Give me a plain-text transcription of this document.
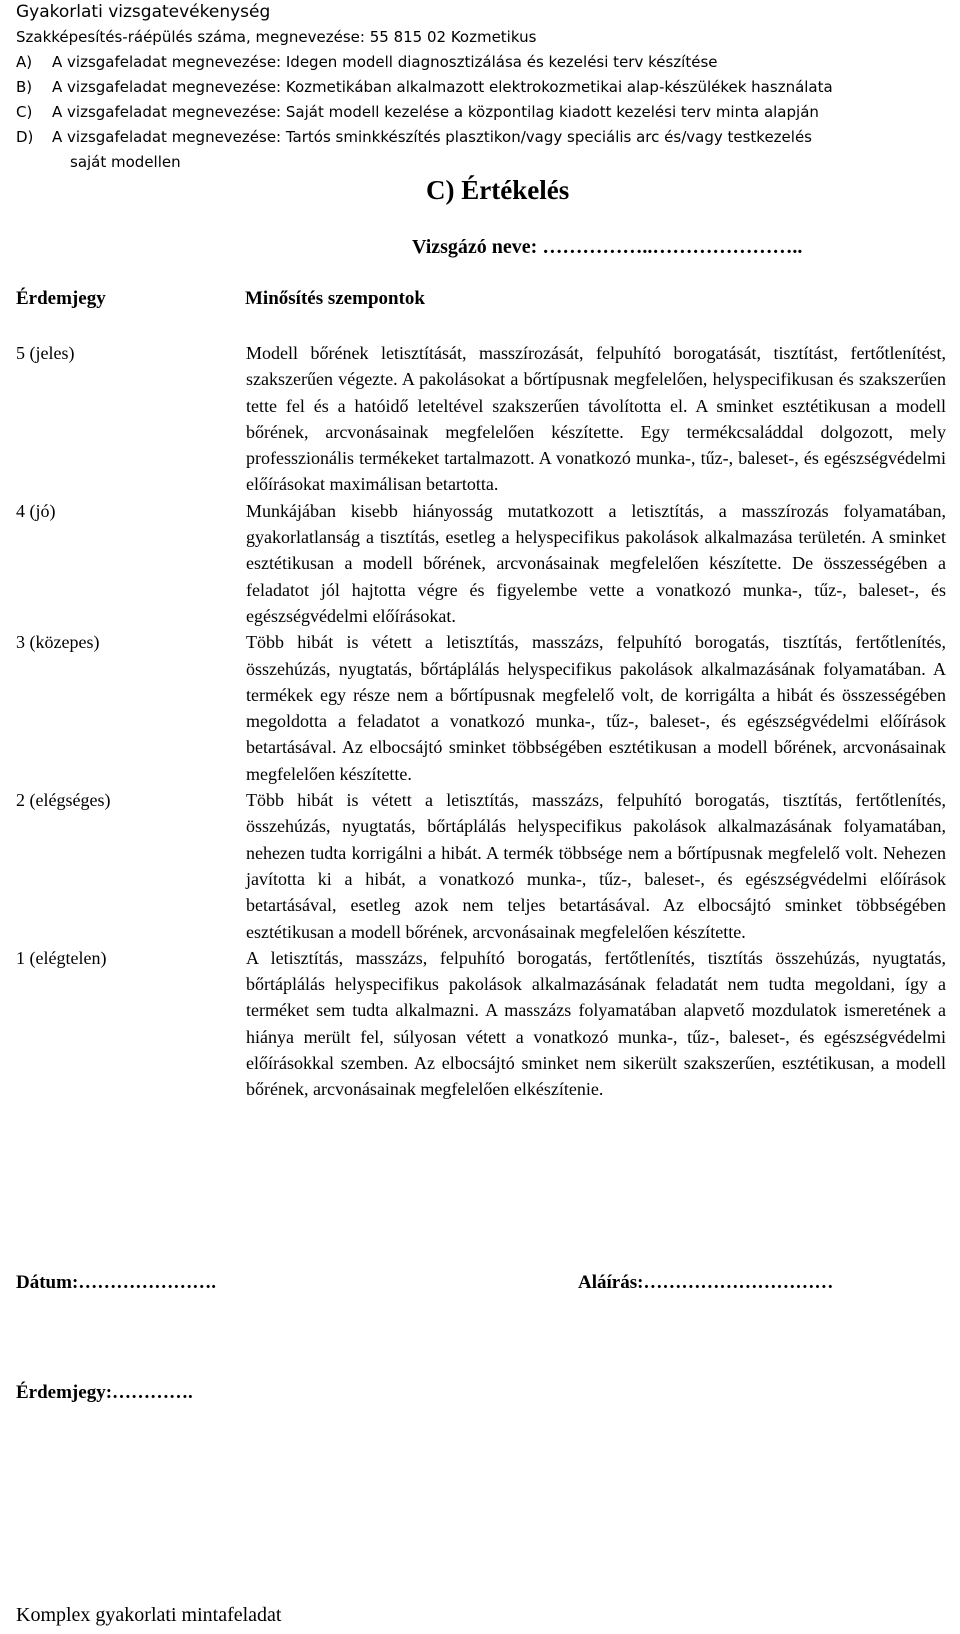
Gyakorlati vizsgatevékenység
Szakképesítés-ráépülés száma, megnevezése: 55 815 02 Kozmetikus
A)	A vizsgafeladat megnevezése: Idegen modell diagnosztizálása és kezelési terv készítése
B)	A vizsgafeladat megnevezése: Kozmetikában alkalmazott elektrokozmetikai alap-készülékek használata
C)	A vizsgafeladat megnevezése: Saját modell kezelése a központilag kiadott kezelési terv minta alapján
D)	A vizsgafeladat megnevezése: Tartós sminkkészítés plasztikon/vagy speciális arc és/vagy testkezelés
saját modellen
C) Értékelés
Vizsgázó neve: ……………..…………………..
Érdemjegy	Minősítés szempontok
5 (jeles)	Modell bőrének letisztítását, masszírozását, felpuhító borogatását, tisztítást, fertőtlenítést, szakszerűen végezte. A pakolásokat a bőrtípusnak megfelelően, helyspecifikusan és szakszerűen tette fel és a hatóidő leteltével szakszerűen távolította el. A sminket esztétikusan a modell bőrének, arcvonásainak megfelelően készítette. Egy termékcsaláddal dolgozott, mely professzionális termékeket tartalmazott. A vonatkozó munka-, tűz-, baleset-, és egészségvédelmi előírásokat maximálisan betartotta.
4 (jó)	Munkájában kisebb hiányosság mutatkozott a letisztítás, a masszírozás folyamatában, gyakorlatlanság a tisztítás, esetleg a helyspecifikus pakolások alkalmazása területén. A sminket esztétikusan a modell bőrének, arcvonásainak megfelelően készítette. De összességében a feladatot jól hajtotta végre és figyelembe vette a vonatkozó munka-, tűz-, baleset-, és egészségvédelmi előírásokat.
3 (közepes)	Több hibát is vétett a letisztítás, masszázs, felpuhító borogatás, tisztítás, fertőtlenítés, összehúzás, nyugtatás, bőrtáplálás helyspecifikus pakolások alkalmazásának folyamatában. A termékek egy része nem a bőrtípusnak megfelelő volt, de korrigálta a hibát és összességében megoldotta a feladatot a vonatkozó munka-, tűz-, baleset-, és egészségvédelmi előírások betartásával. Az elbocsájtó sminket többségében esztétikusan a modell bőrének, arcvonásainak megfelelően készítette.
2 (elégséges)	Több hibát is vétett a letisztítás, masszázs, felpuhító borogatás, tisztítás, fertőtlenítés, összehúzás, nyugtatás, bőrtáplálás helyspecifikus pakolások alkalmazásának folyamatában, nehezen tudta korrigálni a hibát. A termék többsége nem a bőrtípusnak megfelelő volt. Nehezen javította ki a hibát, a vonatkozó munka-, tűz-, baleset-, és egészségvédelmi előírások betartásával, esetleg azok nem teljes betartásával. Az elbocsájtó sminket többségében esztétikusan a modell bőrének, arcvonásainak megfelelően készítette.
1 (elégtelen)	A letisztítás, masszázs, felpuhító borogatás, fertőtlenítés, tisztítás összehúzás, nyugtatás, bőrtáplálás helyspecifikus pakolások alkalmazásának feladatát nem tudta megoldani, így a terméket sem tudta alkalmazni. A masszázs folyamatában alapvető mozdulatok ismeretének a hiánya merült fel, súlyosan vétett a vonatkozó munka-, tűz-, baleset-, és egészségvédelmi előírásokkal szemben. Az elbocsájtó sminket nem sikerült szakszerűen, esztétikusan, a modell bőrének, arcvonásainak megfelelően elkészítenie.
Dátum:………………….	Aláírás:…………………………
Érdemjegy:………….
Komplex gyakorlati mintafeladat
